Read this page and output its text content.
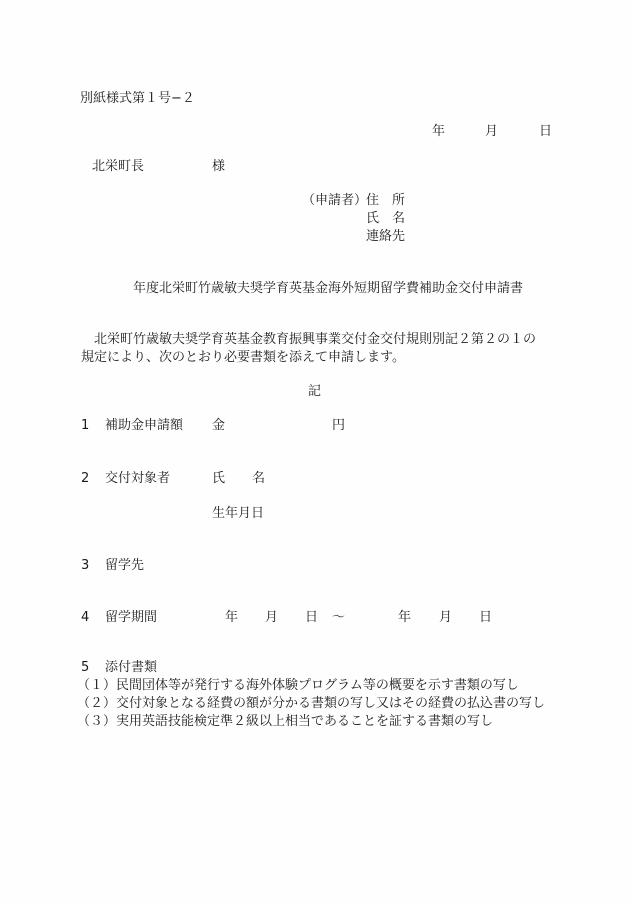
別紙様式第１号−２
年	月	日
北栄町長	様
（申請者）
住　所
氏　名
連絡先
年度北栄町竹歳敏夫奨学育英基金海外短期留学費補助金交付申請書
　北栄町竹歳敏夫奨学育英基金教育振興事業交付金交付規則別記２第２の１の
規定により、次のとおり必要書類を添えて申請します。
記
1 補助金申請額 金	円
2 交付対象者	氏 名
生年月日
3 留学先
4 留学期間	年 月 日 ～	年 月 日
5 添付書類
（１）民間団体等が発行する海外体験プログラム等の概要を示す書類の写し
（２）交付対象となる経費の額が分かる書類の写し又はその経費の払込書の写し
（３）実用英語技能検定準２級以上相当であることを証する書類の写し
